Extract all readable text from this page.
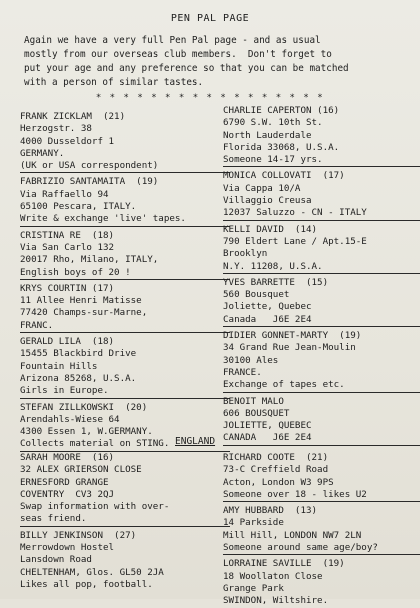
PEN PAL PAGE
Again we have a very full Pen Pal page - and as usual
mostly from our overseas club members.  Don't forget to
put your age and any preference so that you can be matched
with a person of similar tastes.
* * * * * * * * * * * * * * * * *
FRANK ZICKLAM  (21)
Herzogstr. 38
4000 Dusseldorf 1
GERMANY.
(UK or USA correspondent)
FABRIZIO SANTAMAITA  (19)
Via Raffaello 94
65100 Pescara, ITALY.
Write & exchange 'live' tapes.
CRISTINA RE  (18)
Via San Carlo 132
20017 Rho, Milano, ITALY,
English boys of 20 !
KRYS COURTIN (17)
11 Allee Henri Matisse
77420 Champs-sur-Marne,
FRANC.
GERALD LILA  (18)
15455 Blackbird Drive
Fountain Hills
Arizona 85268, U.S.A.
Girls in Europe.
STEFAN ZILLKOWSKI  (20)
Arendahls-Wiese 64
4300 Essen 1, W.GERMANY.
Collects material on STING.
CHARLIE CAPERTON (16)
6790 S.W. 10th St.
North Lauderdale
Florida 33068, U.S.A.
Someone 14-17 yrs.
MONICA COLLOVATI  (17)
Via Cappa 10/A
Villaggio Creusa
12037 Saluzzo - CN - ITALY
KELLI DAVID  (14)
790 Eldert Lane / Apt.15-E
Brooklyn
N.Y. 11208, U.S.A.
YVES BARRETTE  (15)
560 Bousquet
Joliette, Quebec
Canada   J6E 2E4
DIDIER GONNET-MARTY  (19)
34 Grand Rue Jean-Moulin
30100 Ales
FRANCE.
Exchange of tapes etc.
BENOIT MALO
606 BOUSQUET
JOLIETTE, QUEBEC
CANADA   J6E 2E4
ENGLAND
SARAH MOORE  (16)
32 ALEX GRIERSON CLOSE
ERNESFORD GRANGE
COVENTRY  CV3 2QJ
Swap information with over-
seas friend.
BILLY JENKINSON  (27)
Merrowdown Hostel
Lansdown Road
CHELTENHAM, Glos. GL50 2JA
Likes all pop, football.
RICHARD COOTE  (21)
73-C Creffield Road
Acton, London W3 9PS
Someone over 18 - likes U2
AMY HUBBARD  (13)
14 Parkside
Mill Hill, LONDON NW7 2LN
Someone around same age/boy?
LORRAINE SAVILLE  (19)
18 Woollaton Close
Grange Park
SWINDON, Wiltshire.
